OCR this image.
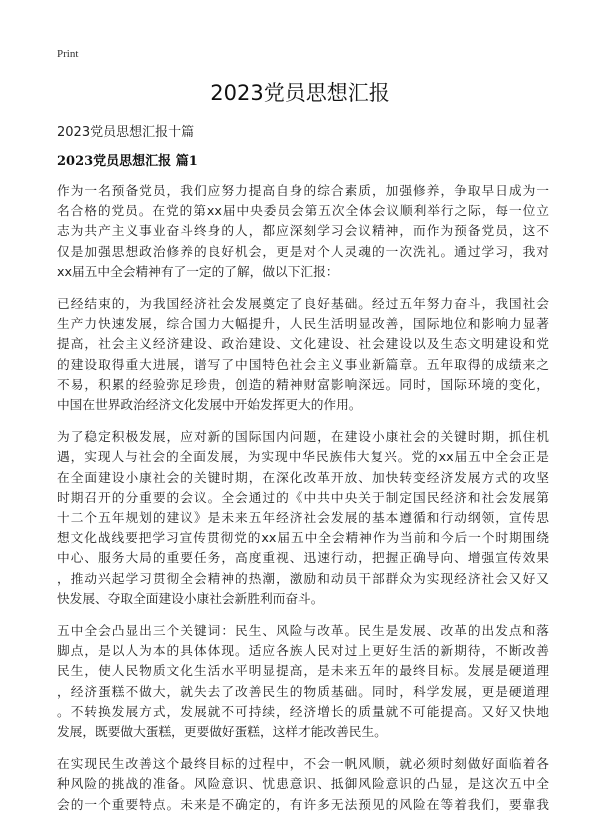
Print
2023党员思想汇报
2023党员思想汇报十篇
2023党员思想汇报 篇1
作为一名预备党员，我们应努力提高自身的综合素质，加强修养，争取早日成为一
名合格的党员。在党的第xx届中央委员会第五次全体会议顺利举行之际，每一位立
志为共产主义事业奋斗终身的人，都应深刻学习会议精神，而作为预备党员，这不
仅是加强思想政治修养的良好机会，更是对个人灵魂的一次洗礼。通过学习，我对
xx届五中全会精神有了一定的了解，做以下汇报：
已经结束的，为我国经济社会发展奠定了良好基础。经过五年努力奋斗，我国社会
生产力快速发展，综合国力大幅提升，人民生活明显改善，国际地位和影响力显著
提高，社会主义经济建设、政治建设、文化建设、社会建设以及生态文明建设和党
的建设取得重大进展，谱写了中国特色社会主义事业新篇章。五年取得的成绩来之
不易，积累的经验弥足珍贵，创造的精神财富影响深远。同时，国际环境的变化，
中国在世界政治经济文化发展中开始发挥更大的作用。
为了稳定积极发展，应对新的国际国内问题，在建设小康社会的关键时期，抓住机
遇，实现人与社会的全面发展，为实现中华民族伟大复兴。党的xx届五中全会正是
在全面建设小康社会的关键时期，在深化改革开放、加快转变经济发展方式的攻坚
时期召开的分重要的会议。全会通过的《中共中央关于制定国民经济和社会发展第
十二个五年规划的建议》是未来五年经济社会发展的基本遵循和行动纲领，宣传思
想文化战线要把学习宣传贯彻党的xx届五中全会精神作为当前和今后一个时期围绕
中心、服务大局的重要任务，高度重视、迅速行动，把握正确导向、增强宣传效果
，推动兴起学习贯彻全会精神的热潮，激励和动员干部群众为实现经济社会又好又
快发展、夺取全面建设小康社会新胜利而奋斗。
五中全会凸显出三个关键词：民生、风险与改革。民生是发展、改革的出发点和落
脚点，是以人为本的具体体现。适应各族人民对过上更好生活的新期待，不断改善
民生，使人民物质文化生活水平明显提高，是未来五年的最终目标。发展是硬道理
，经济蛋糕不做大，就失去了改善民生的物质基础。同时，科学发展，更是硬道理
。不转换发展方式，发展就不可持续，经济增长的质量就不可能提高。又好又快地
发展，既要做大蛋糕，更要做好蛋糕，这样才能改善民生。
在实现民生改善这个最终目标的过程中，不会一帆风顺，就必须时刻做好面临着各
种风险的挑战的准备。风险意识、忧患意识、抵御风险意识的凸显，是这次五中全
会的一个重要特点。未来是不确定的，有许多无法预见的风险在等着我们，要靠我
